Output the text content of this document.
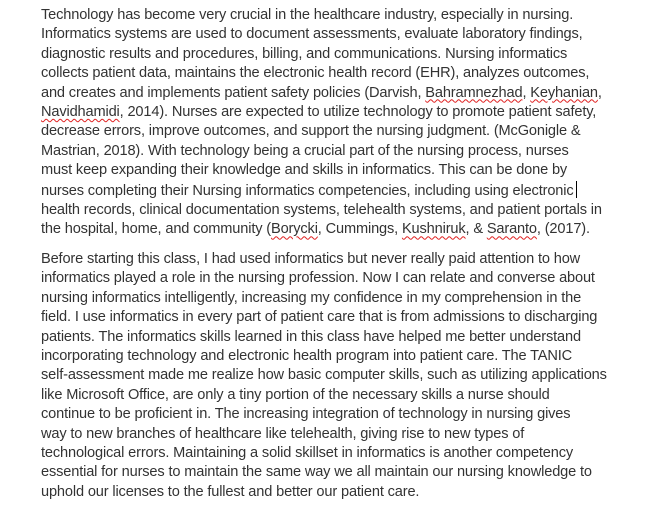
Technology has become very crucial in the healthcare industry, especially in nursing.
Informatics systems are used to document assessments, evaluate laboratory findings,
diagnostic results and procedures, billing, and communications. Nursing informatics
collects patient data, maintains the electronic health record (EHR), analyzes outcomes,
and creates and implements patient safety policies (Darvish, Bahramnezhad, Keyhanian,
Navidhamidi, 2014). Nurses are expected to utilize technology to promote patient safety,
decrease errors, improve outcomes, and support the nursing judgment. (McGonigle &
Mastrian, 2018). With technology being a crucial part of the nursing process, nurses
must keep expanding their knowledge and skills in informatics. This can be done by
nurses completing their Nursing informatics competencies, including using electronic
health records, clinical documentation systems, telehealth systems, and patient portals in
the hospital, home, and community (Borycki, Cummings, Kushniruk, & Saranto, (2017).

Before starting this class, I had used informatics but never really paid attention to how
informatics played a role in the nursing profession. Now I can relate and converse about
nursing informatics intelligently, increasing my confidence in my comprehension in the
field. I use informatics in every part of patient care that is from admissions to discharging
patients. The informatics skills learned in this class have helped me better understand
incorporating technology and electronic health program into patient care. The TANIC
self-assessment made me realize how basic computer skills, such as utilizing applications
like Microsoft Office, are only a tiny portion of the necessary skills a nurse should
continue to be proficient in. The increasing integration of technology in nursing gives
way to new branches of healthcare like telehealth, giving rise to new types of
technological errors. Maintaining a solid skillset in informatics is another competency
essential for nurses to maintain the same way we all maintain our nursing knowledge to
uphold our licenses to the fullest and better our patient care.
